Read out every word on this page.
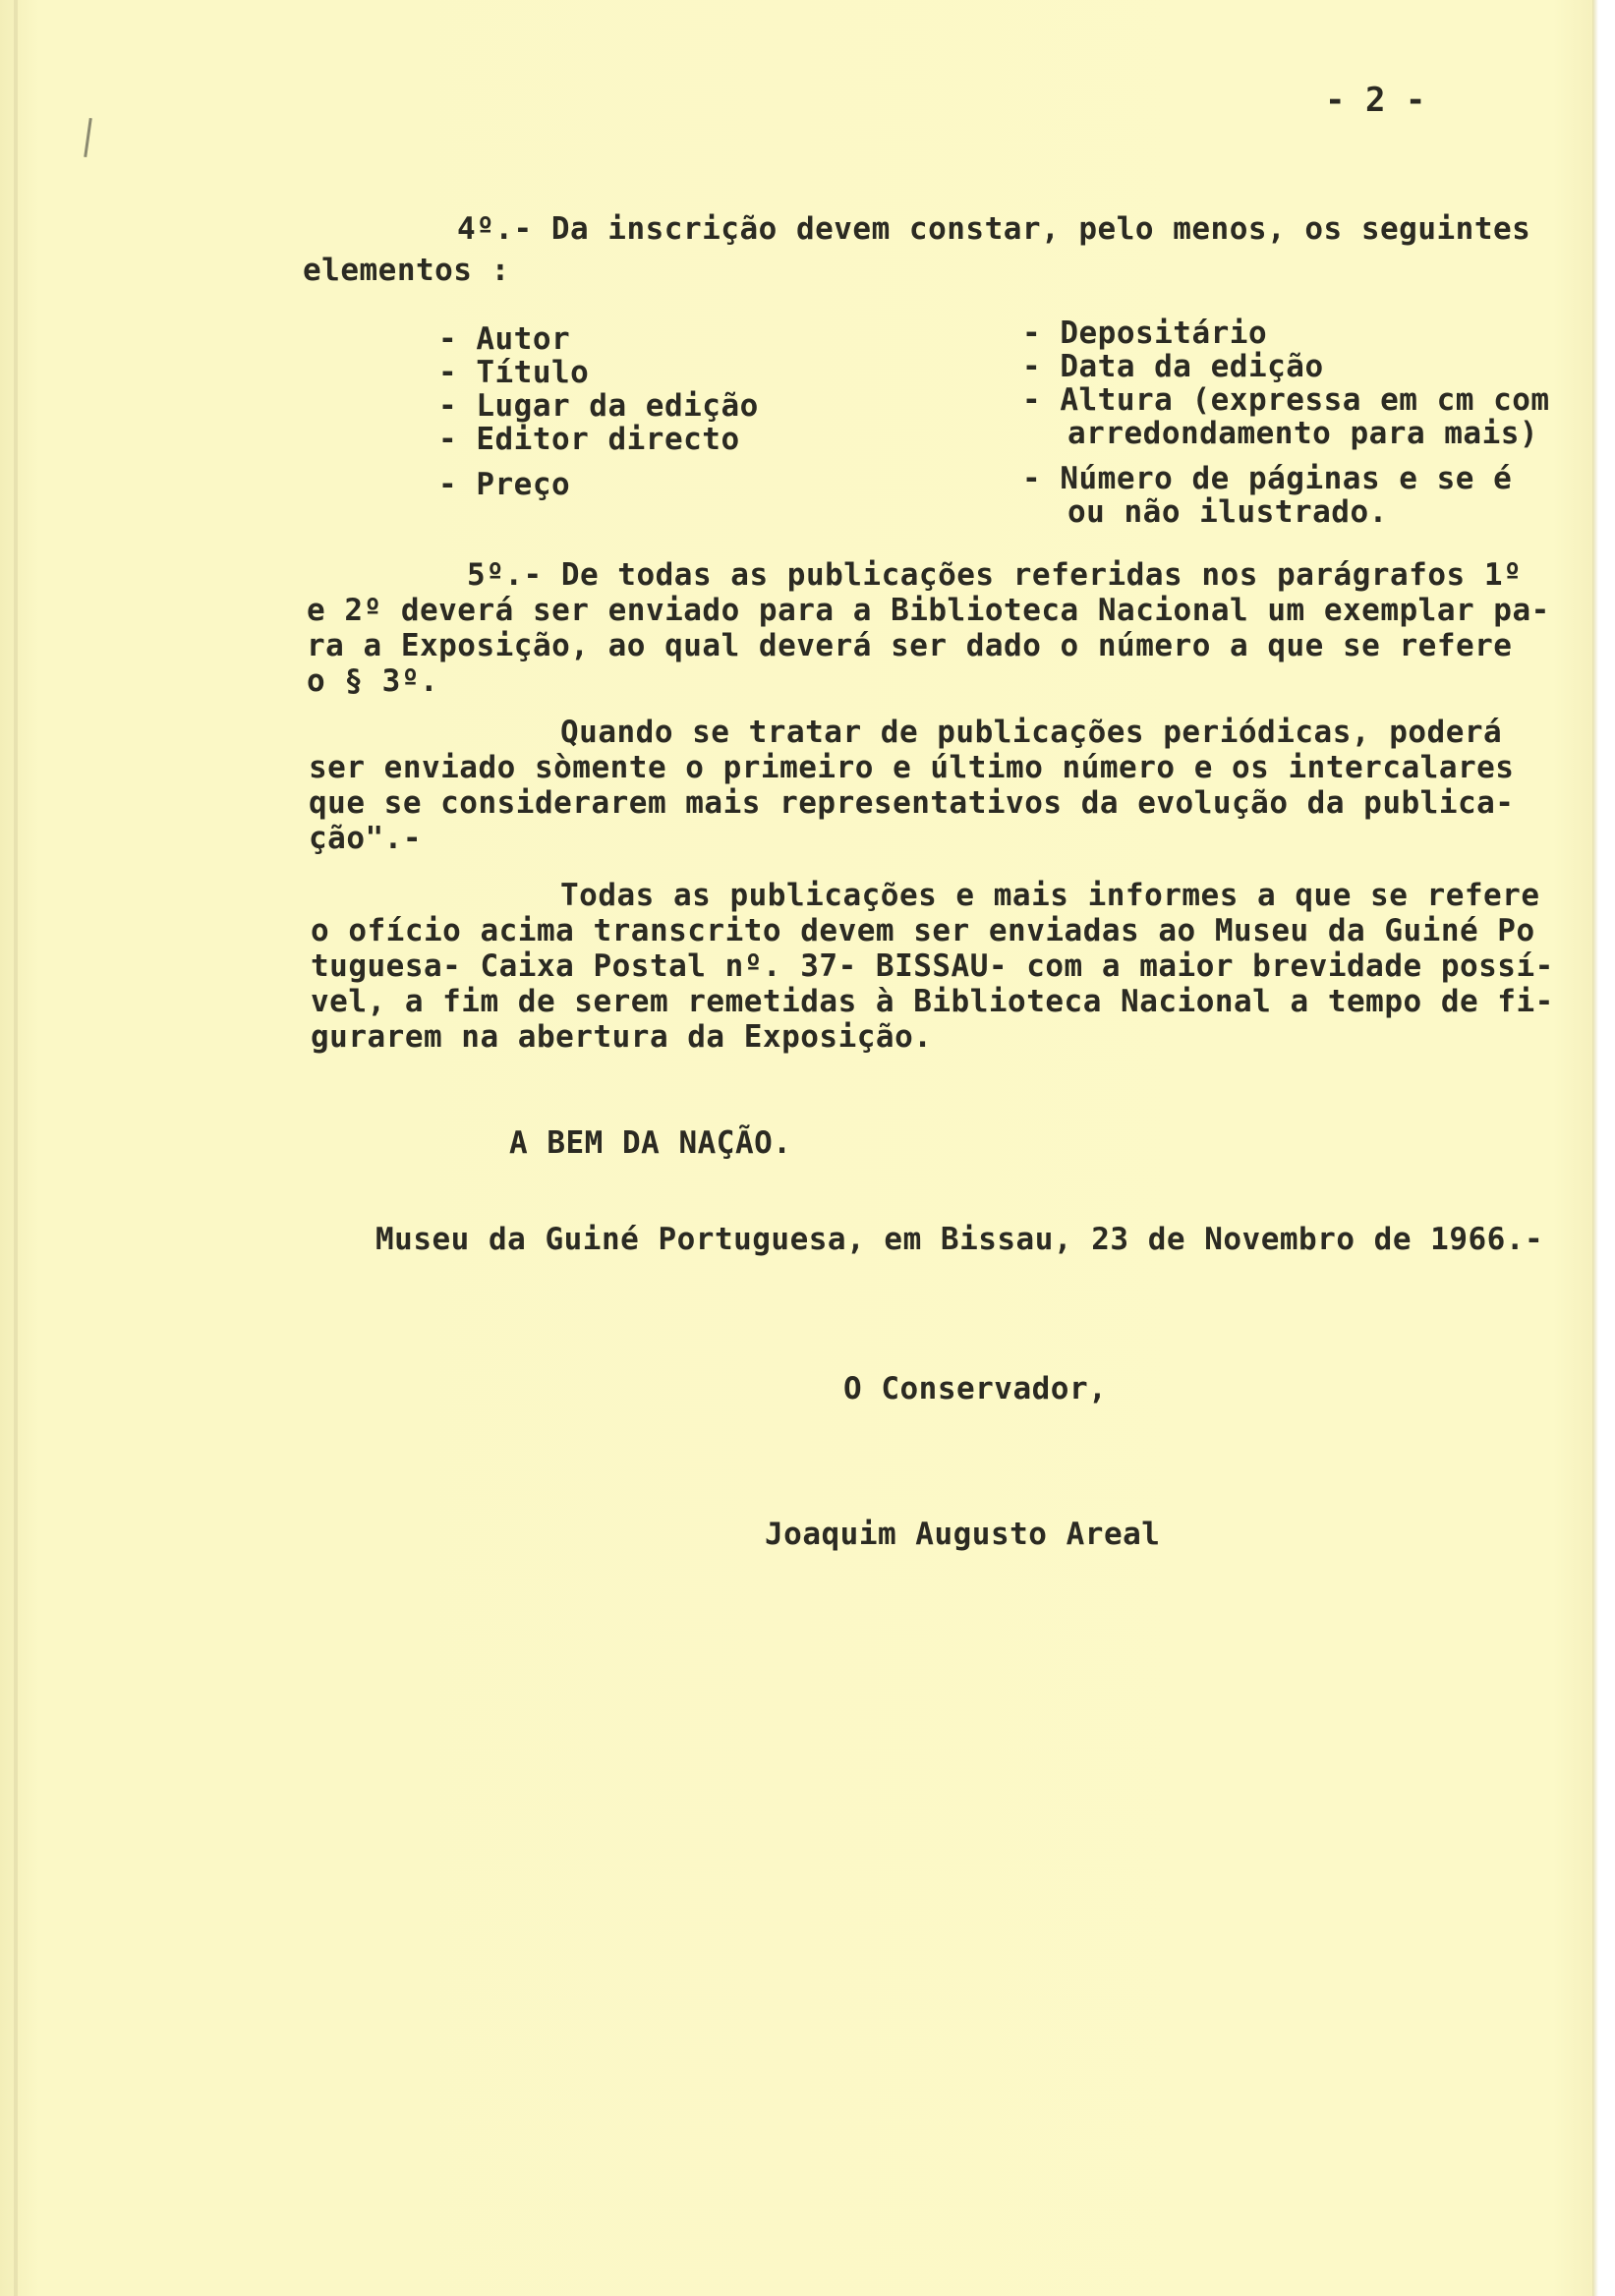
- 2 -
4º.- Da inscrição devem constar, pelo menos, os seguintes
elementos :
- Autor
- Título
- Lugar da edição
- Editor directo
- Preço
- Depositário
- Data da edição
- Altura (expressa em cm com
arredondamento para mais)
- Número de páginas e se é
ou não ilustrado.
5º.- De todas as publicações referidas nos parágrafos 1º
e 2º deverá ser enviado para a Biblioteca Nacional um exemplar pa-
ra a Exposição, ao qual deverá ser dado o número a que se refere
o § 3º.
Quando se tratar de publicações periódicas, poderá
ser enviado sòmente o primeiro e último número e os intercalares
que se considerarem mais representativos da evolução da publica-
ção".-
Todas as publicações e mais informes a que se refere
o ofício acima transcrito devem ser enviadas ao Museu da Guiné Po
tuguesa- Caixa Postal nº. 37- BISSAU- com a maior brevidade possí-
vel, a fim de serem remetidas à Biblioteca Nacional a tempo de fi-
gurarem na abertura da Exposição.
A BEM DA NAÇÃO.
Museu da Guiné Portuguesa, em Bissau, 23 de Novembro de 1966.-
O Conservador,
Joaquim Augusto Areal
